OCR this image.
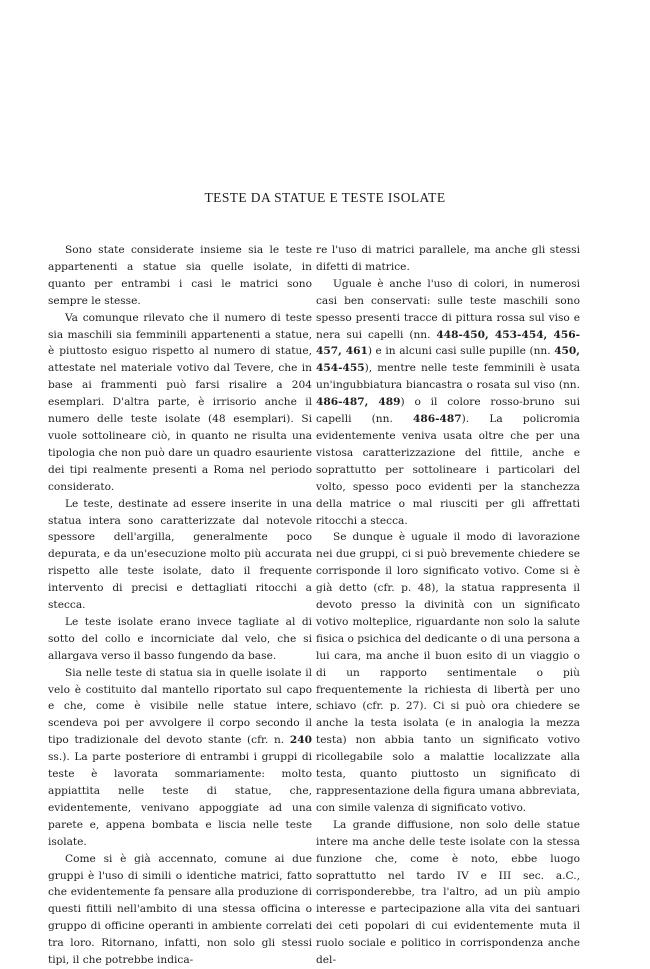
TESTE DA STATUE E TESTE ISOLATE

Sono state considerate insieme sia le teste appartenenti a statue sia quelle isolate, in quanto per entrambi i casi le matrici sono sempre le stesse.

Va comunque rilevato che il numero di teste sia maschili sia femminili appartenenti a statue, è piuttosto esiguo rispetto al numero di statue, attestate nel materiale votivo dal Tevere, che in base ai frammenti può farsi risalire a 204 esemplari. D'altra parte, è irrisorio anche il numero delle teste isolate (48 esemplari). Si vuole sottolineare ciò, in quanto ne risulta una tipologia che non può dare un quadro esauriente dei tipi realmente presenti a Roma nel periodo considerato.

Le teste, destinate ad essere inserite in una statua intera sono caratterizzate dal notevole spessore dell'argilla, generalmente poco depurata, e da un'esecuzione molto più accurata rispetto alle teste isolate, dato il frequente intervento di precisi e dettagliati ritocchi a stecca.

Le teste isolate erano invece tagliate al di sotto del collo e incorniciate dal velo, che si allargava verso il basso fungendo da base.

Sia nelle teste di statua sia in quelle isolate il velo è costituito dal mantello riportato sul capo e che, come è visibile nelle statue intere, scendeva poi per avvolgere il corpo secondo il tipo tradizionale del devoto stante (cfr. n. 240 ss.). La parte posteriore di entrambi i gruppi di teste è lavorata sommariamente: molto appiattita nelle teste di statue, che, evidentemente, venivano appoggiate ad una parete e, appena bombata e liscia nelle teste isolate.

Come si è già accennato, comune ai due gruppi è l'uso di simili o identiche matrici, fatto che evidentemente fa pensare alla produzione di questi fittili nell'ambito di una stessa officina o gruppo di officine operanti in ambiente correlati tra loro. Ritornano, infatti, non solo gli stessi tipi, il che potrebbe indica-

re l'uso di matrici parallele, ma anche gli stessi difetti di matrice.

Uguale è anche l'uso di colori, in numerosi casi ben conservati: sulle teste maschili sono spesso presenti tracce di pittura rossa sul viso e nera sui capelli (nn. 448-450, 453-454, 456-457, 461) e in alcuni casi sulle pupille (nn. 450, 454-455), mentre nelle teste femminili è usata un'ingubbiatura biancastra o rosata sul viso (nn. 486-487, 489) o il colore rosso-bruno sui capelli (nn. 486-487). La policromia evidentemente veniva usata oltre che per una vistosa caratterizzazione del fittile, anche e soprattutto per sottolineare i particolari del volto, spesso poco evidenti per la stanchezza della matrice o mal riusciti per gli affrettati ritocchi a stecca.

Se dunque è uguale il modo di lavorazione nei due gruppi, ci si può brevemente chiedere se corrisponde il loro significato votivo. Come si è già detto (cfr. p. 48), la statua rappresenta il devoto presso la divinità con un significato votivo molteplice, riguardante non solo la salute fisica o psichica del dedicante o di una persona a lui cara, ma anche il buon esito di un viaggio o di un rapporto sentimentale o più frequentemente la richiesta di libertà per uno schiavo (cfr. p. 27). Ci si può ora chiedere se anche la testa isolata (e in analogia la mezza testa) non abbia tanto un significato votivo ricollegabile solo a malattie localizzate alla testa, quanto piuttosto un significato di rappresentazione della figura umana abbreviata, con simile valenza di significato votivo.

La grande diffusione, non solo delle statue intere ma anche delle teste isolate con la stessa funzione che, come è noto, ebbe luogo soprattutto nel tardo IV e III sec. a.C., corrisponderebbe, tra l'altro, ad un più ampio interesse e partecipazione alla vita dei santuari dei ceti popolari di cui evidentemente muta il ruolo sociale e politico in corrispondenza anche del-
